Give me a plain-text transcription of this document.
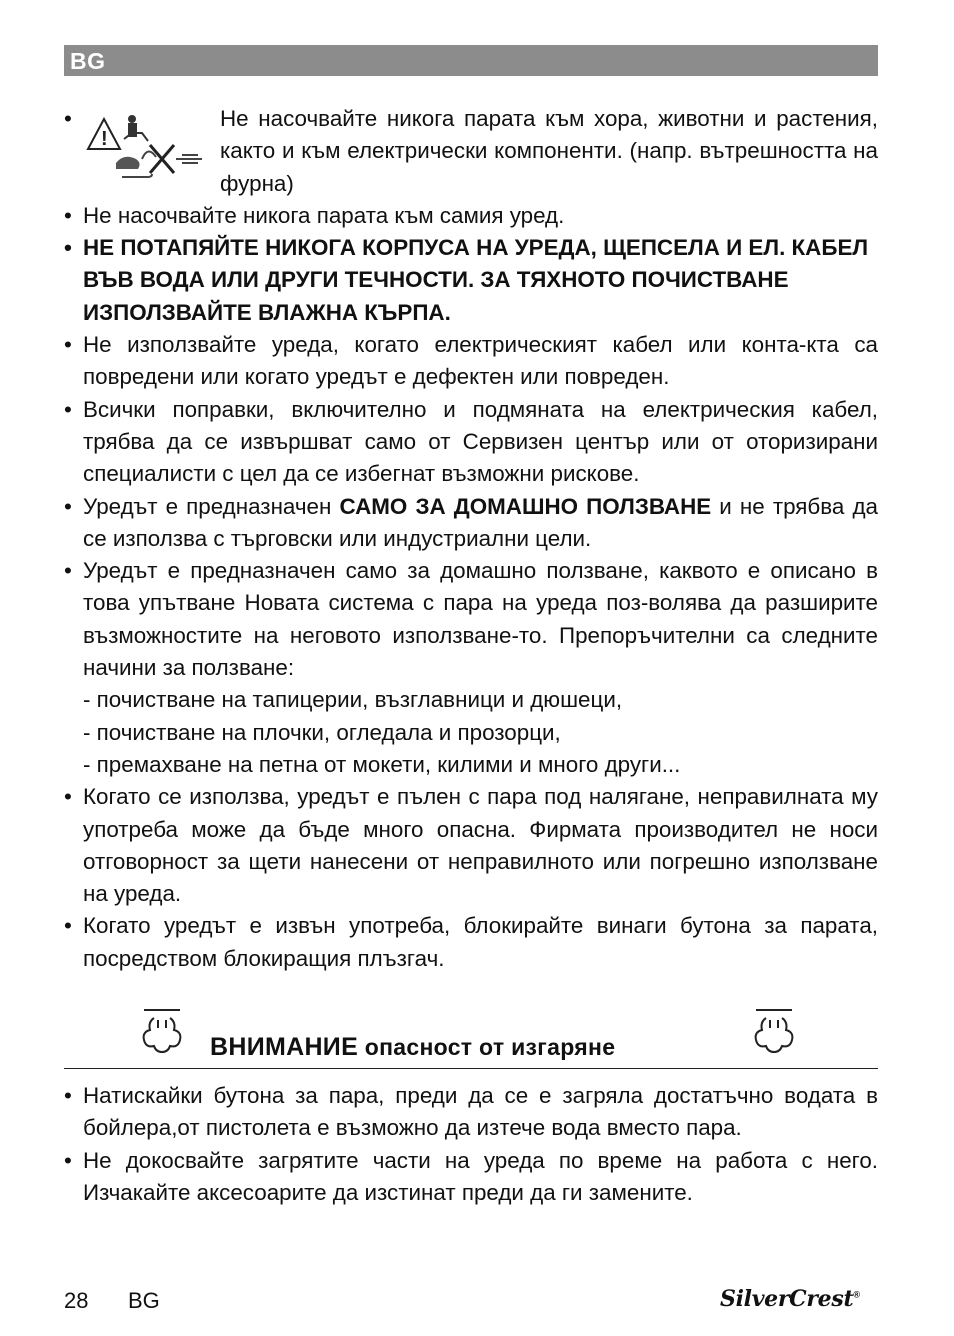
BG
•
!
Не насочвайте никога парата към хора, животни и растения, както и към електрически компоненти. (напр. вътрешността на фурна)
• Не насочвайте никога парата към самия уред.
• НЕ ПОТАПЯЙТЕ НИКОГА КОРПУСА НА УРЕДА, ЩЕПСЕЛА И ЕЛ. КАБЕЛ ВЪВ ВОДА ИЛИ ДРУГИ ТЕЧНОСТИ. ЗА ТЯХНОТО ПОЧИСТВАНЕ ИЗПОЛЗВАЙТЕ ВЛАЖНА КЪРПА.
• Не използвайте уреда, когато електрическият кабел или конта-кта са повредени или когато уредът е дефектен или повреден.
• Всички поправки, включително и подмяната на електрическия кабел, трябва да се извършват само от Сервизен център или от оторизирани специалисти с цел да се избегнат възможни рискове.
• Уредът е предназначен САМО ЗА ДОМАШНО ПОЛЗВАНЕ и не трябва да се използва с търговски или индустриални цели.
• Уредът е предназначен само за домашно ползване, каквото е описано в това упътване Новата система с пара на уреда поз-волява да разширите възможностите на неговото използване-то. Препоръчителни са следните начини за ползване:
- почистване на тапицерии, възглавници и дюшеци,
- почистване на плочки, огледала и прозорци,
- премахване на петна от мокети, килими и много други...
• Когато се използва, уредът е пълен с пара под налягане, неправилната му употреба може да бъде много опасна. Фирмата производител не носи отговорност за щети нанесени от неправилното или погрешно използване на уреда.
• Когато уредът е извън употреба, блокирайте винаги бутона за парата, посредством блокиращия плъзгач.
ВНИМАНИЕ опасност от изгаряне
• Натискайки бутона за пара, преди да се е загряла достатъчно водата в бойлера,от пистолета е възможно да изтече вода вместо пара.
• Не докосвайте загрятите части на уреда по време на работа с него. Изчакайте аксесоарите да изстинат преди да ги замените.
28 BG	SilverCrest®
